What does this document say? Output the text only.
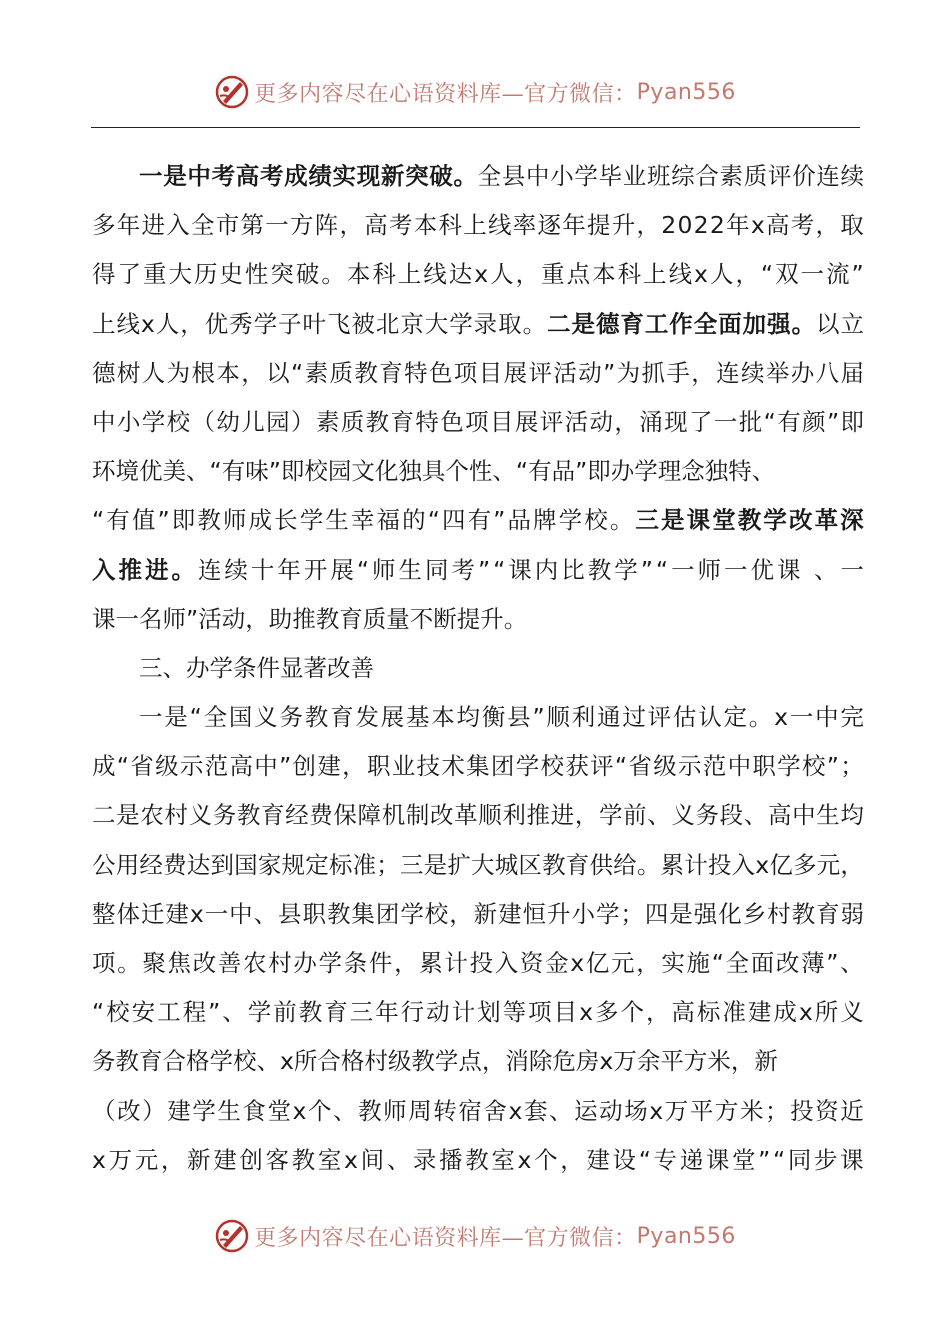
更多内容尽在心语资料库—官方微信： Pyan556
一 是 中 考 高 考 成 绩 实 现 新 突 破 。 全 县 中 小 学 毕 业 班 综 合 素 质 评 价 连 续
多 年 进 入 全 市 第 一 方 阵 ， 高 考 本 科 上 线 率 逐 年 提 升 ， 2 0 2 2 年 x 高 考 ， 取
得 了 重 大 历 史 性 突 破 。 本 科 上 线 达 x 人 ， 重 点 本 科 上 线 x 人 ， “ 双 一 流 ”
上 线 x 人 ， 优 秀 学 子 叶 飞 被 北 京 大 学 录 取 。 二 是 德 育 工 作 全 面 加 强 。 以 立
德 树 人 为 根 本 ， 以 “ 素 质 教 育 特 色 项 目 展 评 活 动 ” 为 抓 手 ， 连 续 举 办 八 届
中 小 学 校 （ 幼 儿 园 ） 素 质 教 育 特 色 项 目 展 评 活 动 ， 涌 现 了 一 批 “ 有 颜 ” 即
环 境 优 美 、 “ 有 味 ” 即 校 园 文 化 独 具 个 性 、 “ 有 品 ” 即 办 学 理 念 独 特 、
“ 有 值 ” 即 教 师 成 长 学 生 幸 福 的 “ 四 有 ” 品 牌 学 校 。 三 是 课 堂 教 学 改 革 深
入 推 进 。 连 续 十 年 开 展 “ 师 生 同 考 ” “ 课 内 比 教 学 ” “ 一 师 一 优 课
、 一
课 一 名 师 ” 活 动 ， 助 推 教 育 质 量 不 断 提 升 。
三 、 办 学 条 件 显 著 改 善
一 是 “ 全 国 义 务 教 育 发 展 基 本 均 衡 县 ” 顺 利 通 过 评 估 认 定 。 x 一 中 完
成 “ 省 级 示 范 高 中 ” 创 建 ， 职 业 技 术 集 团 学 校 获 评 “ 省 级 示 范 中 职 学 校 ” ；
二 是 农 村 义 务 教 育 经 费 保 障 机 制 改 革 顺 利 推 进 ， 学 前 、 义 务 段 、 高 中 生 均
公 用 经 费 达 到 国 家 规 定 标 准 ； 三 是 扩 大 城 区 教 育 供 给 。 累 计 投 入 x 亿 多 元 ，
整 体 迁 建 x 一 中 、 县 职 教 集 团 学 校 ， 新 建 恒 升 小 学 ； 四 是 强 化 乡 村 教 育 弱
项 。 聚 焦 改 善 农 村 办 学 条 件 ， 累 计 投 入 资 金 x 亿 元 ， 实 施 “ 全 面 改 薄 ” 、
“ 校 安 工 程 ” 、 学 前 教 育 三 年 行 动 计 划 等 项 目 x 多 个 ， 高 标 准 建 成 x 所 义
务 教 育 合 格 学 校 、 x 所 合 格 村 级 教 学 点 ， 消 除 危 房 x 万 余 平 方 米 ， 新
（ 改 ） 建 学 生 食 堂 x 个 、 教 师 周 转 宿 舍 x 套 、 运 动 场 x 万 平 方 米 ； 投 资 近
x 万 元 ， 新 建 创 客 教 室 x 间 、 录 播 教 室 x 个 ， 建 设 “ 专 递 课 堂 ” “ 同 步 课
更多内容尽在心语资料库—官方微信： Pyan556
